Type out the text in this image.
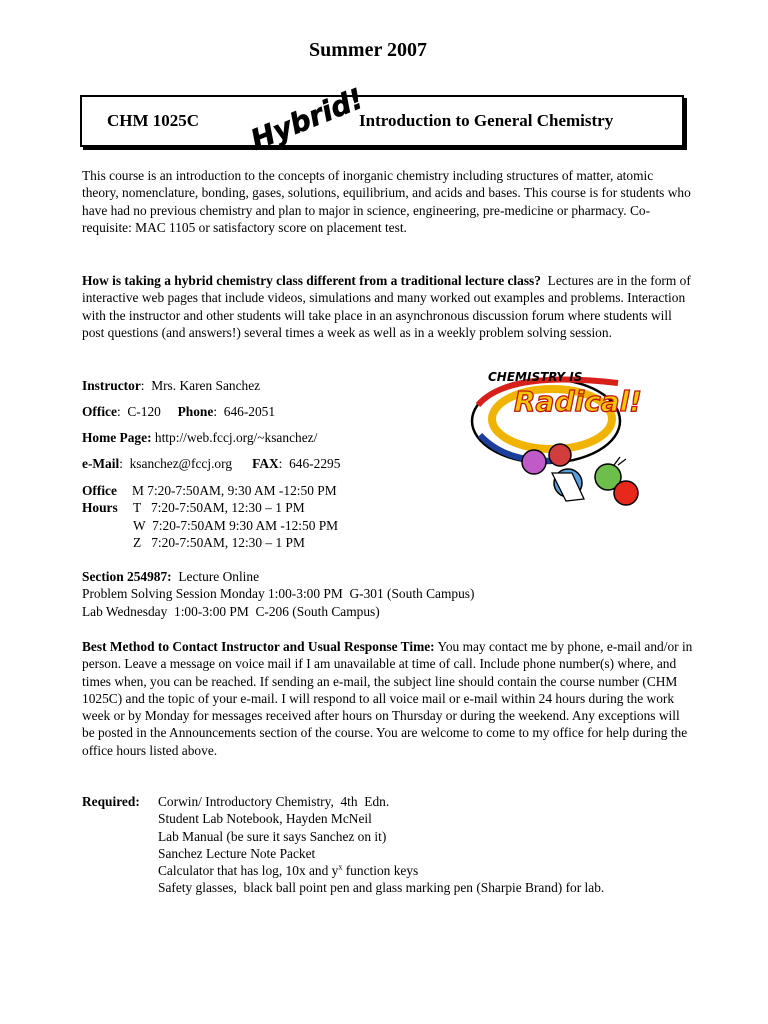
Summer 2007
CHM 1025C Hybrid!
Introduction to General Chemistry

This course is an introduction to the concepts of inorganic chemistry including structures of matter, atomic theory, nomenclature, bonding, gases, solutions, equilibrium, and acids and bases. This course is for students who have had no previous chemistry and plan to major in science, engineering, pre-medicine or pharmacy. Co-requisite: MAC 1105 or satisfactory score on placement test.

How is taking a hybrid chemistry class different from a traditional lecture class? Lectures are in the form of interactive web pages that include videos, simulations and many worked out examples and problems. Interaction with the instructor and other students will take place in an asynchronous discussion forum where students will post questions (and answers!) several times a week as well as in a weekly problem solving session.

Instructor:  Mrs. Karen Sanchez
Office:  C-120 Phone:  646-2051
Home Page: http://web.fccj.org/~ksanchez/
e-Mail:  ksanchez@fccj.org FAX:  646-2295
Office
Hours
M 7:20-7:50AM, 9:30 AM -12:50 PM
T   7:20-7:50AM, 12:30 – 1 PM
W  7:20-7:50AM 9:30 AM -12:50 PM
Z   7:20-7:50AM, 12:30 – 1 PM
CHEMISTRY IS
Radical!
Section 254987: Lecture Online
Problem Solving Session Monday 1:00-3:00 PM  G-301 (South Campus)
Lab Wednesday  1:00-3:00 PM  C-206 (South Campus)

Best Method to Contact Instructor and Usual Response Time: You may contact me by phone, e-mail and/or in person. Leave a message on voice mail if I am unavailable at time of call. Include phone number(s) where, and times when, you can be reached. If sending an e-mail, the subject line should contain the course number (CHM 1025C) and the topic of your e-mail. I will respond to all voice mail or e-mail within 24 hours during the work week or by Monday for messages received after hours on Thursday or during the weekend. Any exceptions will be posted in the Announcements section of the course. You are welcome to come to my office for help during the office hours listed above.

Required: Corwin/ Introductory Chemistry,  4th  Edn.
Student Lab Notebook, Hayden McNeil
Lab Manual (be sure it says Sanchez on it)
Sanchez Lecture Note Packet
Calculator that has log, 10x and $y^x$ function keys
Safety glasses,  black ball point pen and glass marking pen (Sharpie Brand) for lab.
